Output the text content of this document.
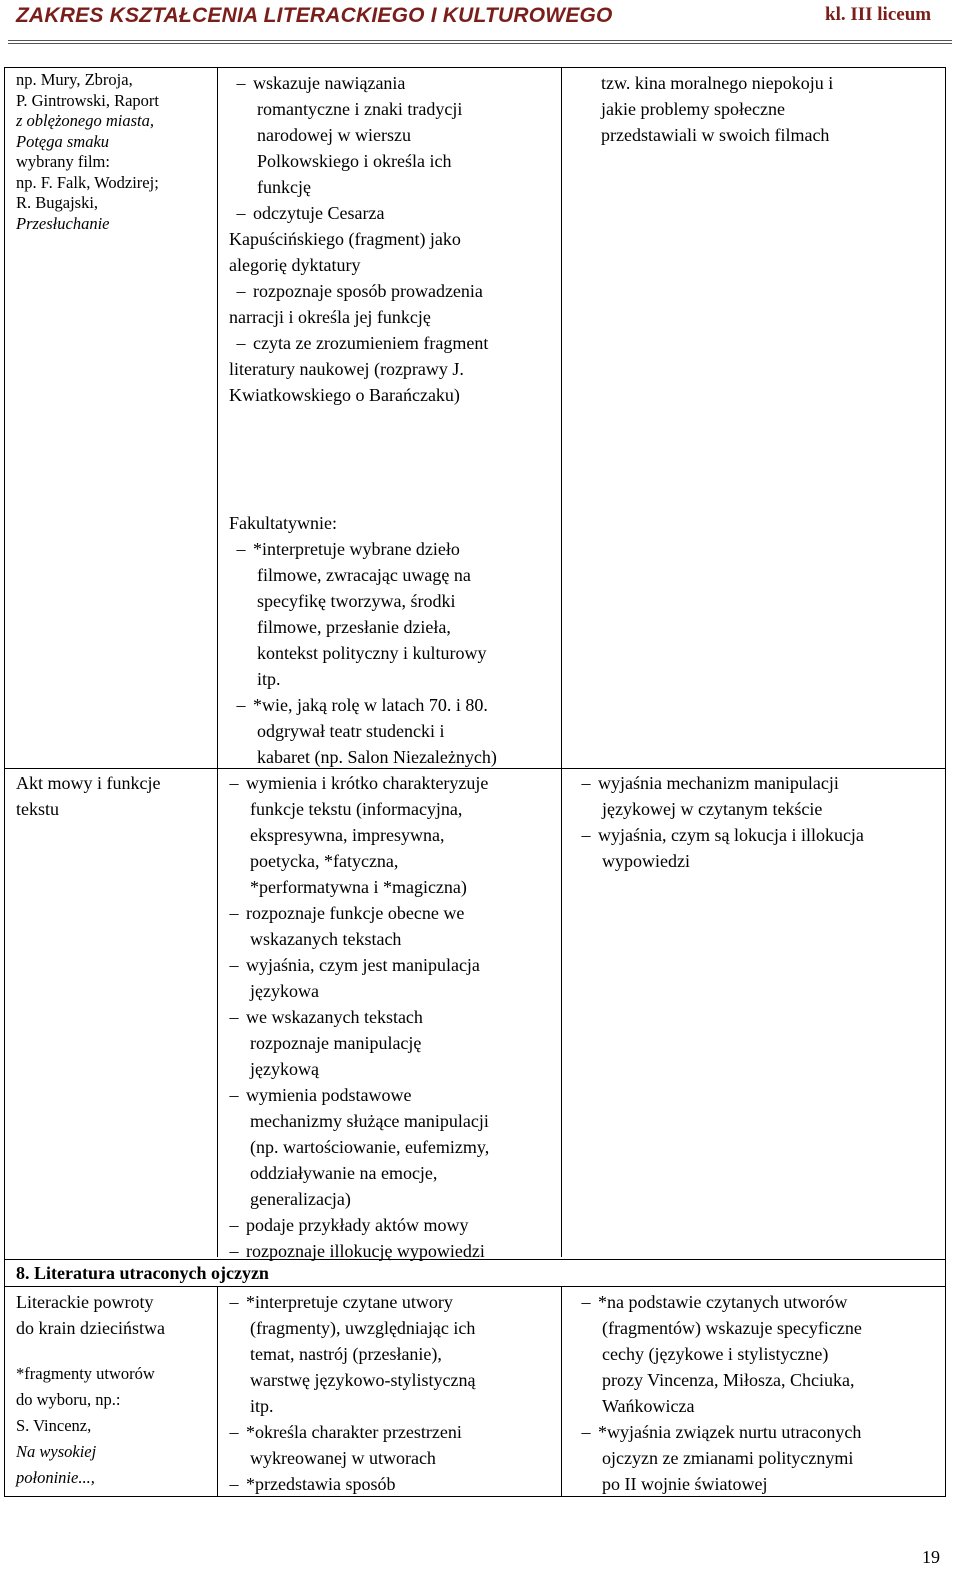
ZAKRES KSZTAŁCENIA LITERACKIEGO I KULTUROWEGO	kl. III liceum
np. Mury, Zbroja,
P. Gintrowski, Raport
z oblężonego miasta,
Potęga smaku
wybrany film:
np. F. Falk, Wodzirej;
R. Bugajski,
Przesłuchanie
– wskazuje nawiązania
romantyczne i znaki tradycji
narodowej w wierszu
Polkowskiego i określa ich
funkcję
– odczytuje Cesarza
Kapuścińskiego (fragment) jako
alegorię dyktatury
– rozpoznaje sposób prowadzenia
narracji i określa jej funkcję
– czyta ze zrozumieniem fragment
literatury naukowej (rozprawy J.
Kwiatkowskiego o Barańczaku)
tzw. kina moralnego niepokoju i
jakie problemy społeczne
przedstawiali w swoich filmach
Fakultatywnie:
– *interpretuje wybrane dzieło
filmowe, zwracając uwagę na
specyfikę tworzywa, środki
filmowe, przesłanie dzieła,
kontekst polityczny i kulturowy
itp.
– *wie, jaką rolę w latach 70. i 80.
odgrywał teatr studencki i
kabaret (np. Salon Niezależnych)
Akt mowy i funkcje
tekstu
– wymienia i krótko charakteryzuje
funkcje tekstu (informacyjna,
ekspresywna, impresywna,
poetycka, *fatyczna,
*performatywna i *magiczna)
– rozpoznaje funkcje obecne we
wskazanych tekstach
– wyjaśnia, czym jest manipulacja
językowa
– we wskazanych tekstach
rozpoznaje manipulację
językową
– wymienia podstawowe
mechanizmy służące manipulacji
(np. wartościowanie, eufemizmy,
oddziaływanie na emocje,
generalizacja)
– podaje przykłady aktów mowy
– rozpoznaje illokucję wypowiedzi
– wyjaśnia mechanizm manipulacji
językowej w czytanym tekście
– wyjaśnia, czym są lokucja i illokucja
wypowiedzi
8. Literatura utraconych ojczyzn
Literackie powroty
do krain dzieciństwa
*fragmenty utworów
do wyboru, np.:
S. Vincenz,
Na wysokiej
połoninie...,
– *interpretuje czytane utwory
(fragmenty), uwzględniając ich
temat, nastrój (przesłanie),
warstwę językowo-stylistyczną
itp.
– *określa charakter przestrzeni
wykreowanej w utworach
– *przedstawia sposób
– *na podstawie czytanych utworów
(fragmentów) wskazuje specyficzne
cechy (językowe i stylistyczne)
prozy Vincenza, Miłosza, Chciuka,
Wańkowicza
– *wyjaśnia związek nurtu utraconych
ojczyzn ze zmianami politycznymi
po II wojnie światowej
19
